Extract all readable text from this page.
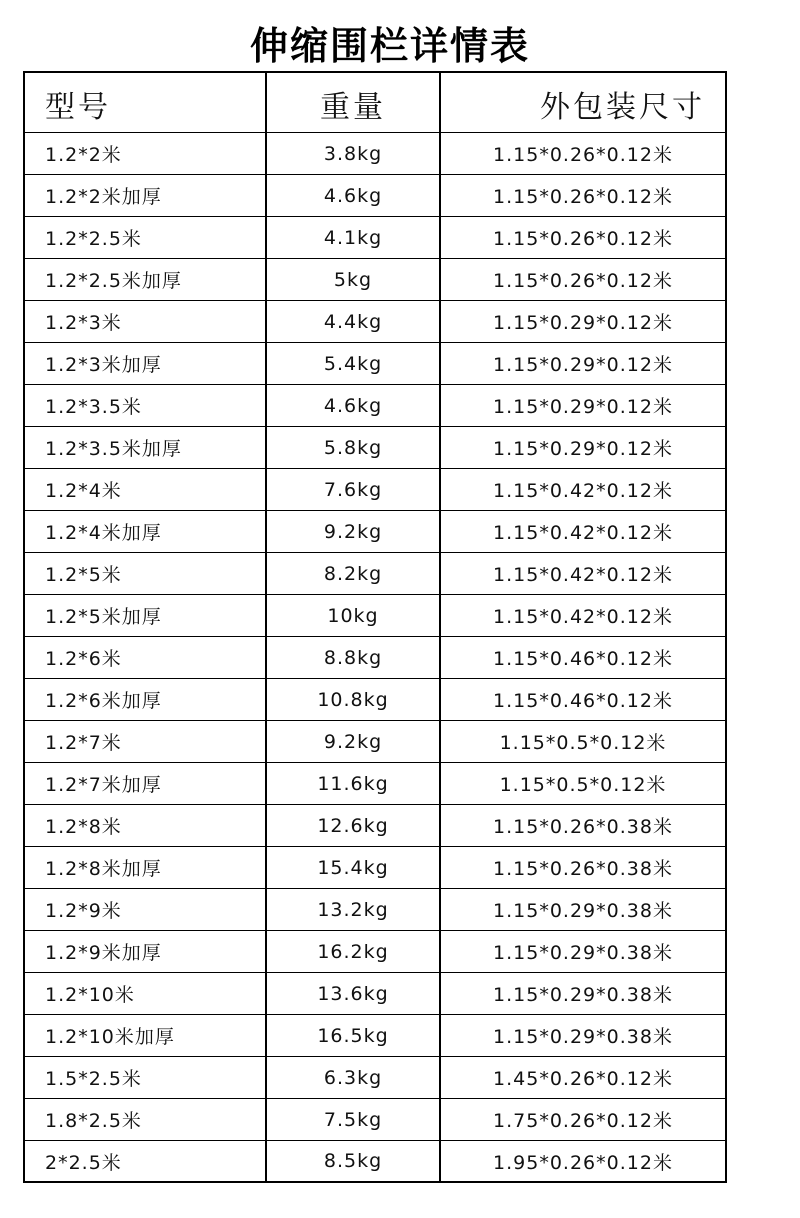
伸缩围栏详情表
型号	重量	外包装尺寸
1.2*2米	3.8kg	1.15*0.26*0.12米
1.2*2米加厚	4.6kg	1.15*0.26*0.12米
1.2*2.5米	4.1kg	1.15*0.26*0.12米
1.2*2.5米加厚	5kg	1.15*0.26*0.12米
1.2*3米	4.4kg	1.15*0.29*0.12米
1.2*3米加厚	5.4kg	1.15*0.29*0.12米
1.2*3.5米	4.6kg	1.15*0.29*0.12米
1.2*3.5米加厚	5.8kg	1.15*0.29*0.12米
1.2*4米	7.6kg	1.15*0.42*0.12米
1.2*4米加厚	9.2kg	1.15*0.42*0.12米
1.2*5米	8.2kg	1.15*0.42*0.12米
1.2*5米加厚	10kg	1.15*0.42*0.12米
1.2*6米	8.8kg	1.15*0.46*0.12米
1.2*6米加厚	10.8kg	1.15*0.46*0.12米
1.2*7米	9.2kg	1.15*0.5*0.12米
1.2*7米加厚	11.6kg	1.15*0.5*0.12米
1.2*8米	12.6kg	1.15*0.26*0.38米
1.2*8米加厚	15.4kg	1.15*0.26*0.38米
1.2*9米	13.2kg	1.15*0.29*0.38米
1.2*9米加厚	16.2kg	1.15*0.29*0.38米
1.2*10米	13.6kg	1.15*0.29*0.38米
1.2*10米加厚	16.5kg	1.15*0.29*0.38米
1.5*2.5米	6.3kg	1.45*0.26*0.12米
1.8*2.5米	7.5kg	1.75*0.26*0.12米
2*2.5米	8.5kg	1.95*0.26*0.12米
